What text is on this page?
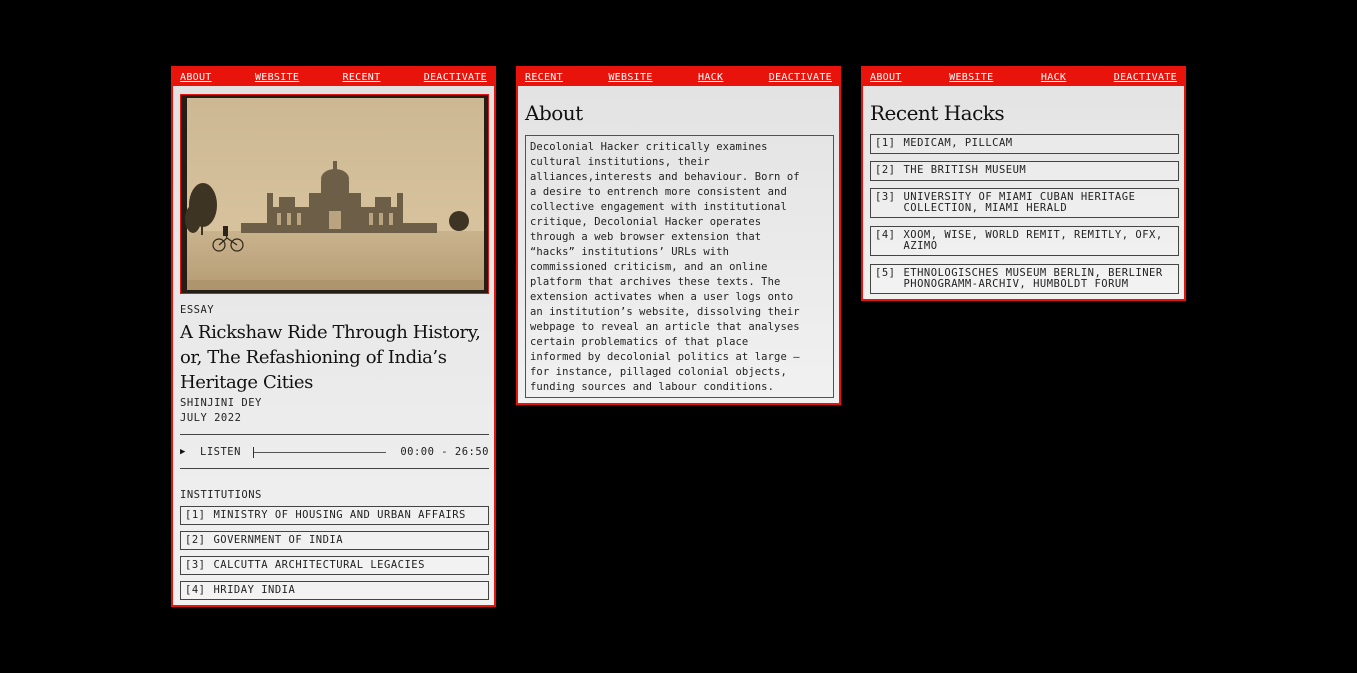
ABOUT	WEBSITE	RECENT	DEACTIVATE
ESSAY
A Rickshaw Ride Through History, or, The Refashioning of India’s Heritage Cities
SHINJINI DEY
JULY 2022
▶	LISTEN	00:00 - 26:50
INSTITUTIONS
[1] MINISTRY OF HOUSING AND URBAN AFFAIRS
[2] GOVERNMENT OF INDIA
[3] CALCUTTA ARCHITECTURAL LEGACIES
[4] HRIDAY INDIA
RECENT	WEBSITE	HACK	DEACTIVATE
About
Decolonial Hacker critically examines
cultural institutions, their
alliances,interests and behaviour. Born of
a desire to entrench more consistent and
collective engagement with institutional
critique, Decolonial Hacker operates
through a web browser extension that
“hacks” institutions’ URLs with
commissioned criticism, and an online
platform that archives these texts. The
extension activates when a user logs onto
an institution’s website, dissolving their
webpage to reveal an article that analyses
certain problematics of that place
informed by decolonial politics at large –
for instance, pillaged colonial objects,
funding sources and labour conditions.
ABOUT	WEBSITE	HACK	DEACTIVATE
Recent Hacks
[1] MEDICAM, PILLCAM
[2] THE BRITISH MUSEUM
[3] UNIVERSITY OF MIAMI CUBAN HERITAGE
COLLECTION, MIAMI HERALD
[4] XOOM, WISE, WORLD REMIT, REMITLY, OFX,
AZIMO
[5] ETHNOLOGISCHES MUSEUM BERLIN, BERLINER
PHONOGRAMM-ARCHIV, HUMBOLDT FORUM
